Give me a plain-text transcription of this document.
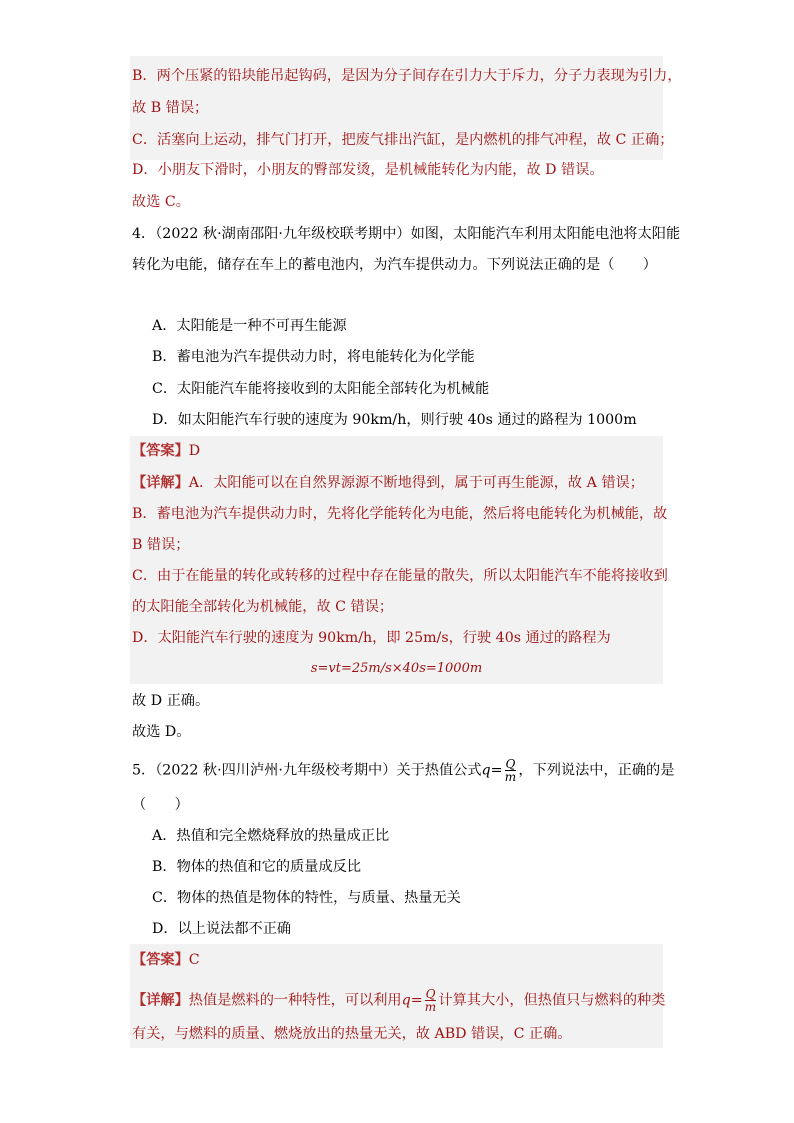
B．两个压紧的铅块能吊起钩码，是因为分子间存在引力大于斥力，分子力表现为引力，
故 B 错误；
C．活塞向上运动，排气门打开，把废气排出汽缸，是内燃机的排气冲程，故 C 正确；
D．小朋友下滑时，小朋友的臀部发烫，是机械能转化为内能，故 D 错误。
故选 C。
4．（2022 秋·湖南邵阳·九年级校联考期中）如图，太阳能汽车利用太阳能电池将太阳能
转化为电能，储存在车上的蓄电池内，为汽车提供动力。下列说法正确的是（　　）
A．太阳能是一种不可再生能源
B．蓄电池为汽车提供动力时，将电能转化为化学能
C．太阳能汽车能将接收到的太阳能全部转化为机械能
D．如太阳能汽车行驶的速度为 90km/h，则行驶 40s 通过的路程为 1000m
【答案】D
【详解】A．太阳能可以在自然界源源不断地得到，属于可再生能源，故 A 错误；
B．蓄电池为汽车提供动力时，先将化学能转化为电能，然后将电能转化为机械能，故
B 错误；
C．由于在能量的转化或转移的过程中存在能量的散失，所以太阳能汽车不能将接收到
的太阳能全部转化为机械能，故 C 错误；
D．太阳能汽车行驶的速度为 90km/h，即 25m/s，行驶 40s 通过的路程为
s=vt=25m/s×40s=1000m
故 D 正确。
故选 D。
5．（2022 秋·四川泸州·九年级校考期中）关于热值公式$q= \frac{Q}{m}$ ，下列说法中，正确的是
（　　）
A．热值和完全燃烧释放的热量成正比
B．物体的热值和它的质量成反比
C．物体的热值是物体的特性，与质量、热量无关
D．以上说法都不正确
【答案】C
【详解】热值是燃料的一种特性，可以利用$q= \frac{Q}{m}$ 计算其大小，但热值只与燃料的种类
有关，与燃料的质量、燃烧放出的热量无关，故 ABD 错误，C 正确。
